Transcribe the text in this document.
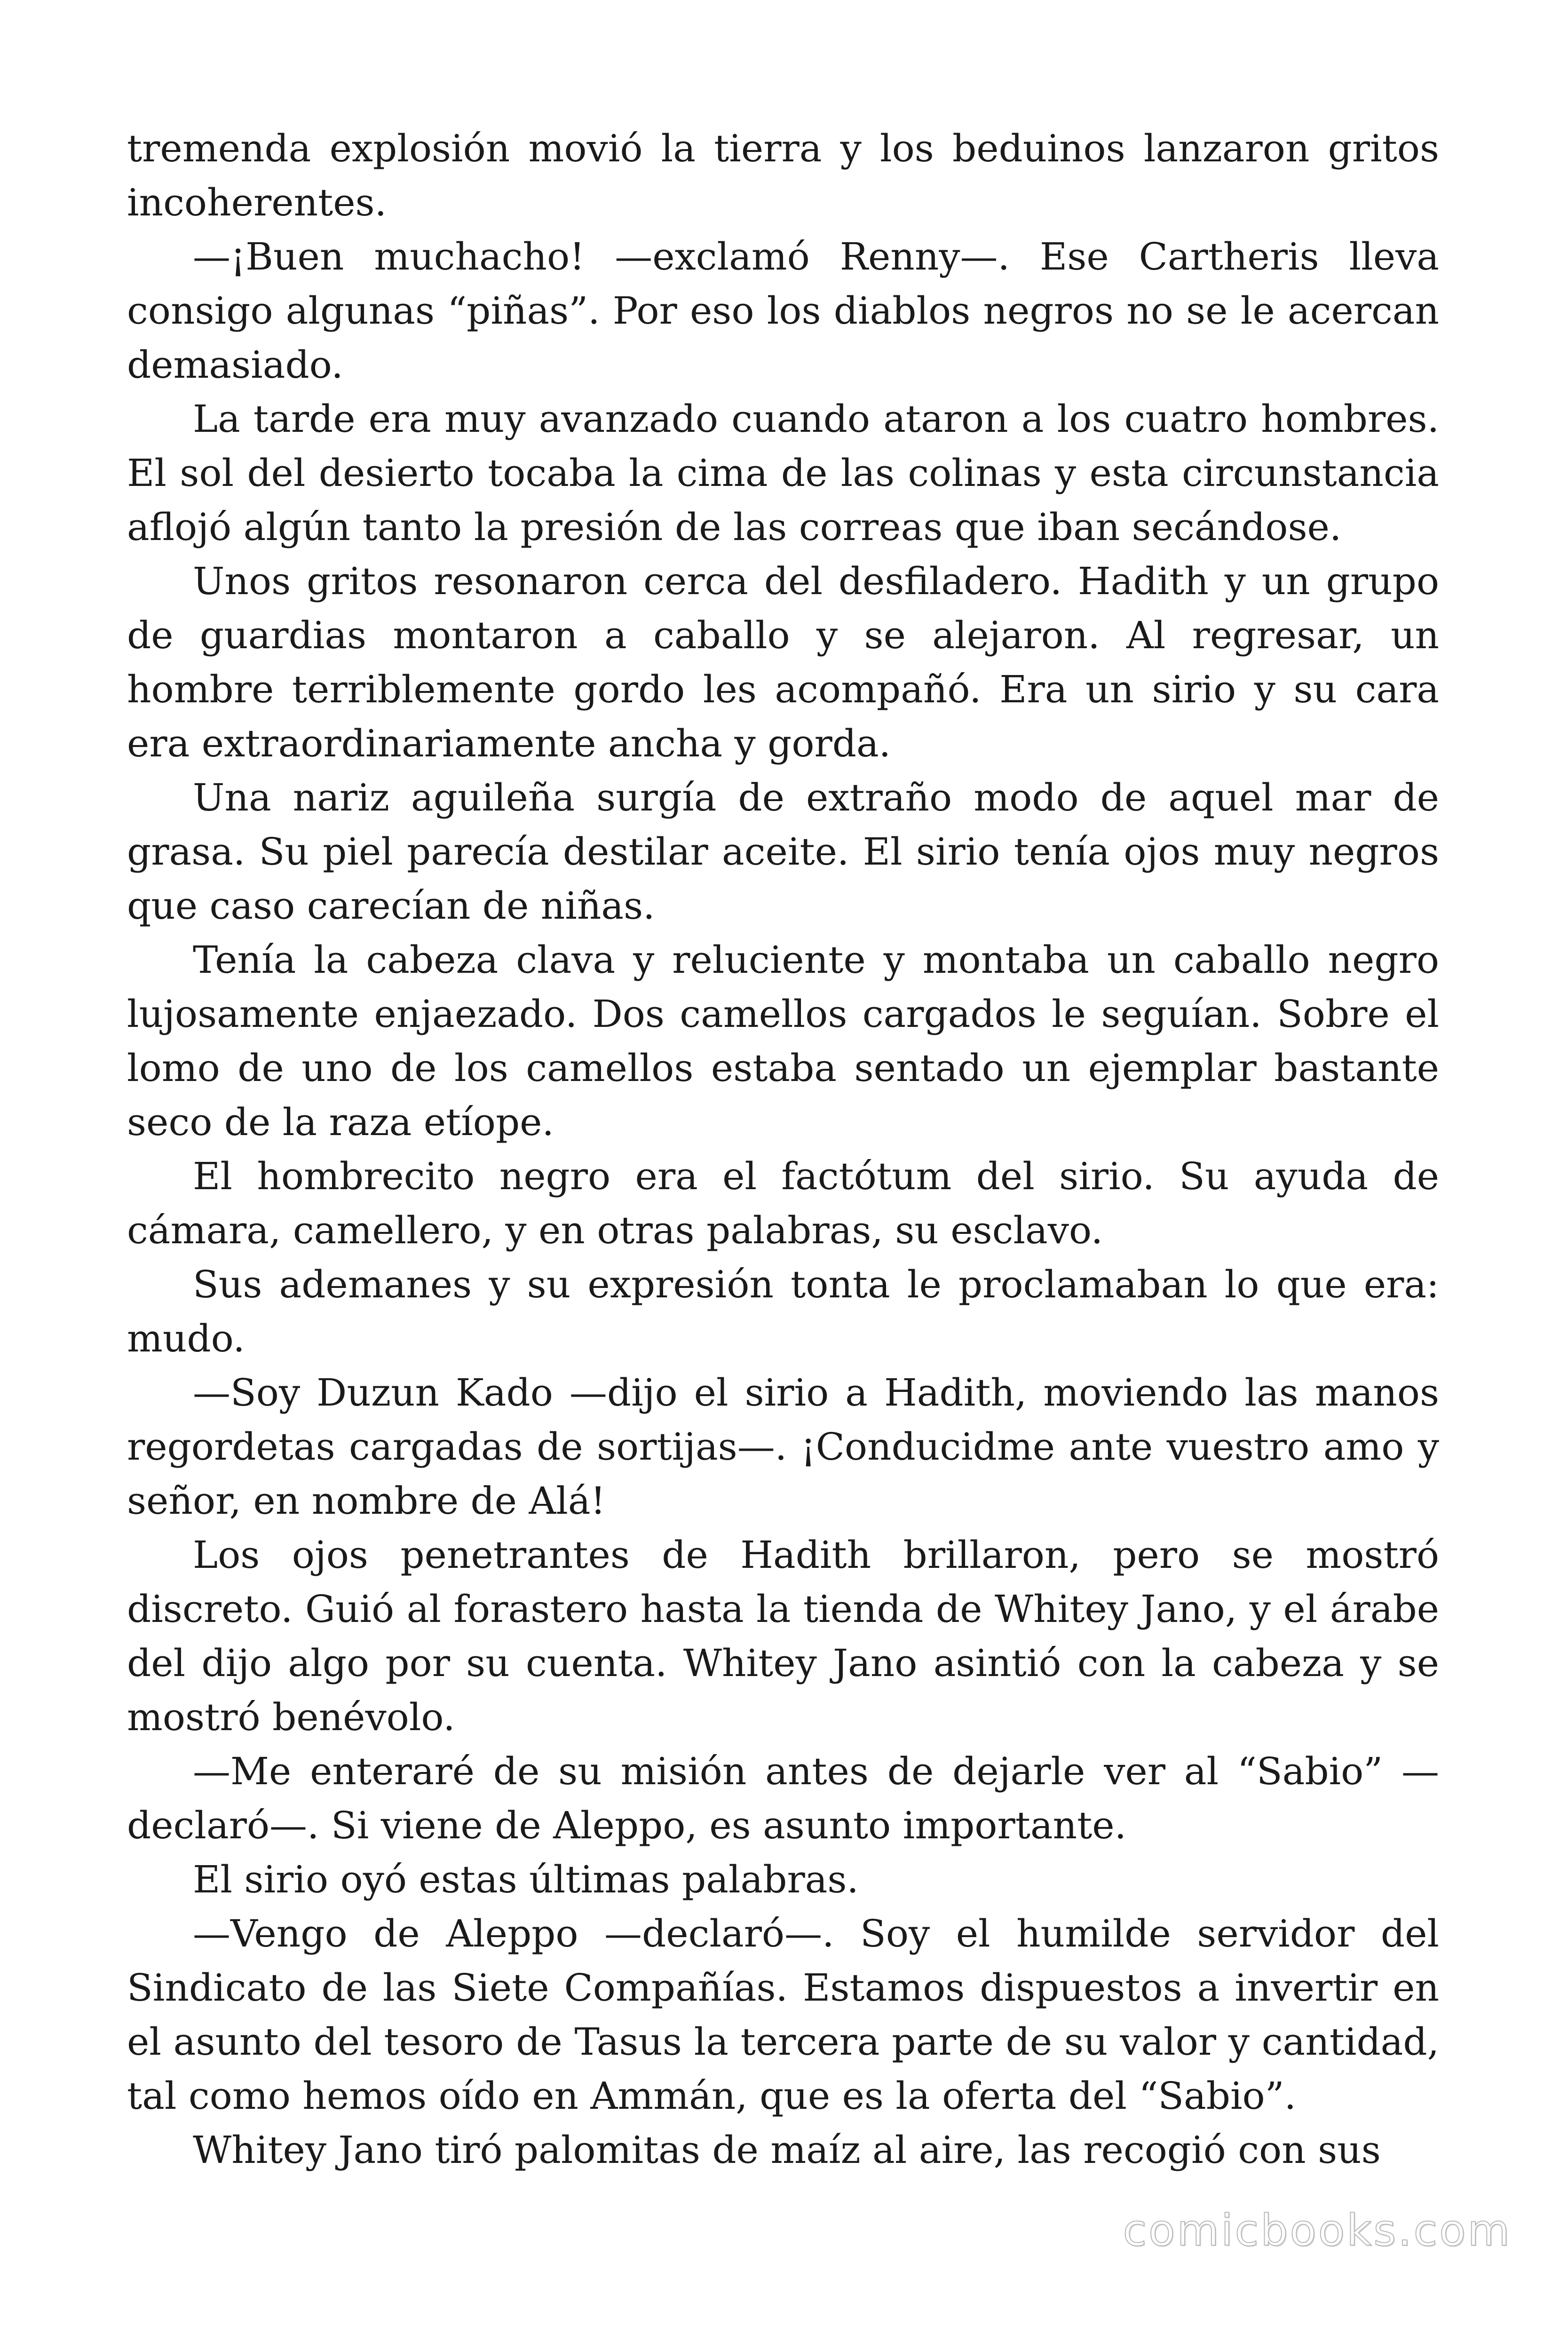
tremenda explosión movió la tierra y los beduinos lanzaron gritos incoherentes.

—¡Buen muchacho! —exclamó Renny—. Ese Cartheris lleva consigo algunas “piñas”. Por eso los diablos negros no se le acercan demasiado.

La tarde era muy avanzado cuando ataron a los cuatro hombres. El sol del desierto tocaba la cima de las colinas y esta circunstancia aflojó algún tanto la presión de las correas que iban secándose.

Unos gritos resonaron cerca del desfiladero. Hadith y un grupo de guardias montaron a caballo y se alejaron. Al regresar, un hombre terriblemente gordo les acompañó. Era un sirio y su cara era extraordinariamente ancha y gorda.

Una nariz aguileña surgía de extraño modo de aquel mar de grasa. Su piel parecía destilar aceite. El sirio tenía ojos muy negros que caso carecían de niñas.

Tenía la cabeza clava y reluciente y montaba un caballo negro lujosamente enjaezado. Dos camellos cargados le seguían. Sobre el lomo de uno de los camellos estaba sentado un ejemplar bastante seco de la raza etíope.

El hombrecito negro era el factótum del sirio. Su ayuda de cámara, camellero, y en otras palabras, su esclavo.

Sus ademanes y su expresión tonta le proclamaban lo que era: mudo.

—Soy Duzun Kado —dijo el sirio a Hadith, moviendo las manos regordetas cargadas de sortijas—. ¡Conducidme ante vuestro amo y señor, en nombre de Alá!

Los ojos penetrantes de Hadith brillaron, pero se mostró discreto. Guió al forastero hasta la tienda de Whitey Jano, y el árabe del dijo algo por su cuenta. Whitey Jano asintió con la cabeza y se mostró benévolo.

—Me enteraré de su misión antes de dejarle ver al “Sabio” —declaró—. Si viene de Aleppo, es asunto importante.

El sirio oyó estas últimas palabras.

—Vengo de Aleppo —declaró—. Soy el humilde servidor del Sindicato de las Siete Compañías. Estamos dispuestos a invertir en el asunto del tesoro de Tasus la tercera parte de su valor y cantidad, tal como hemos oído en Ammán, que es la oferta del “Sabio”.

Whitey Jano tiró palomitas de maíz al aire, las recogió con sus

comicbooks.com
